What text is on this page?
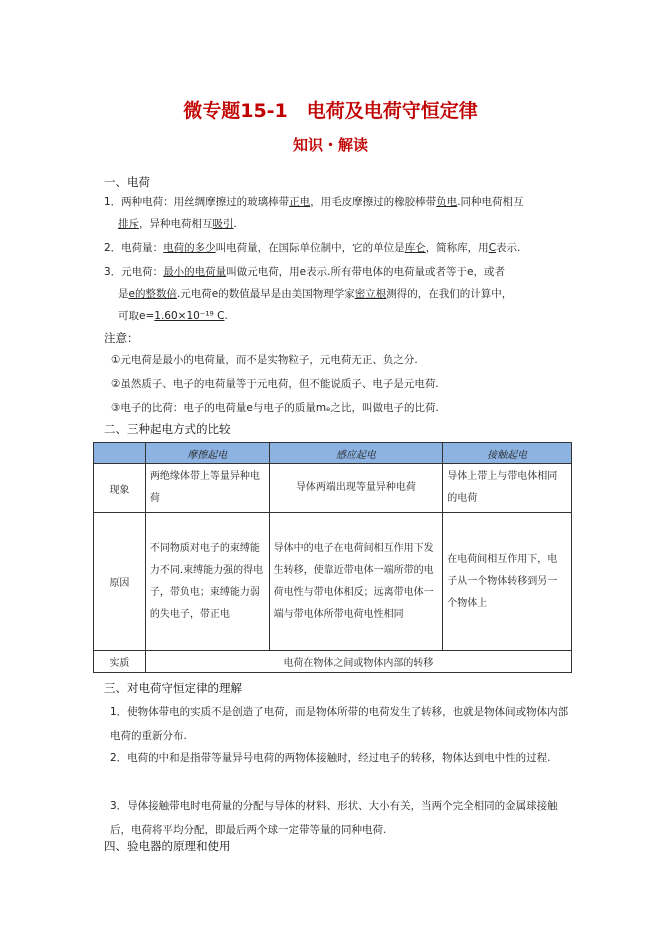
微专题15-1　电荷及电荷守恒定律
知识・解读
一、电荷
1．两种电荷：用丝绸摩擦过的玻璃棒带正电，用毛皮摩擦过的橡胶棒带负电.同种电荷相互
排斥，异种电荷相互吸引.
2．电荷量：电荷的多少叫电荷量，在国际单位制中，它的单位是库仑，简称库，用C表示.
3．元电荷：最小的电荷量叫做元电荷，用e表示.所有带电体的电荷量或者等于e，或者
是e的整数倍.元电荷e的数值最早是由美国物理学家密立根测得的，在我们的计算中，
可取e=1.60×10⁻¹⁹ C.
注意：
①元电荷是最小的电荷量，而不是实物粒子，元电荷无正、负之分.
②虽然质子、电子的电荷量等于元电荷，但不能说质子、电子是元电荷.
③电子的比荷：电子的电荷量e与电子的质量mₑ之比，叫做电子的比荷.
二、三种起电方式的比较
	摩擦起电	感应起电	接触起电
现象	两绝缘体带上等量异种电荷	导体两端出现等量异种电荷	导体上带上与带电体相同的电荷

原因	不同物质对电子的束缚能力不同.束缚能力强的得电子，带负电；束缚能力弱的失电子，带正电	导体中的电子在电荷间相互作用下发生转移，使靠近带电体一端所带的电荷电性与带电体相反；远离带电体一端与带电体所带电荷电性相同	在电荷间相互作用下，电子从一个物体转移到另一个物体上

实质	电荷在物体之间或物体内部的转移		
三、对电荷守恒定律的理解
1．使物体带电的实质不是创造了电荷，而是物体所带的电荷发生了转移，也就是物体间或物体内部电荷的重新分布.
2．电荷的中和是指带等量异号电荷的两物体接触时，经过电子的转移，物体达到电中性的过程.
3．导体接触带电时电荷量的分配与导体的材料、形状、大小有关，当两个完全相同的金属球接触后，电荷将平均分配，即最后两个球一定带等量的同种电荷.
四、验电器的原理和使用
